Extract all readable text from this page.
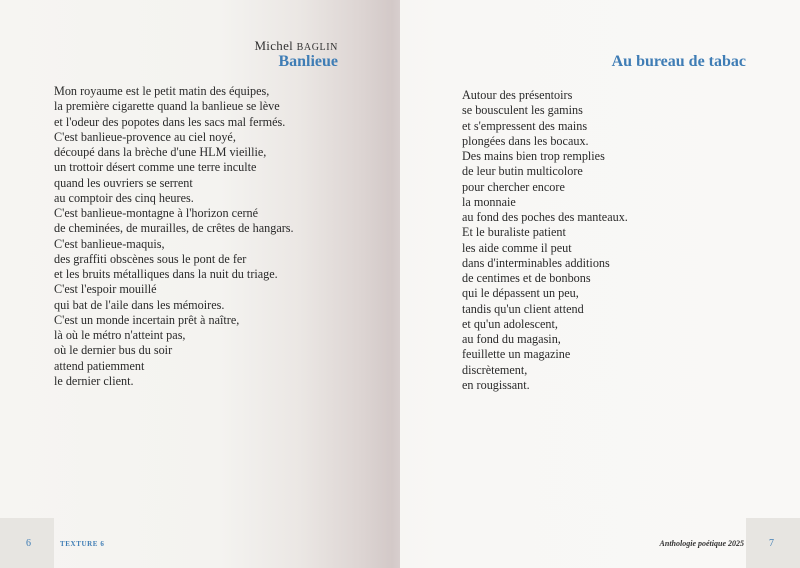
Michel BAGLIN
Banlieue
Mon royaume est le petit matin des équipes,
la première cigarette quand la banlieue se lève
et l'odeur des popotes dans les sacs mal fermés.
C'est banlieue-provence au ciel noyé,
découpé dans la brèche d'une HLM vieillie,
un trottoir désert comme une terre inculte
quand les ouvriers se serrent
au comptoir des cinq heures.
C'est banlieue-montagne à l'horizon cerné
de cheminées, de murailles, de crêtes de hangars.
C'est banlieue-maquis,
des graffiti obscènes sous le pont de fer
et les bruits métalliques dans la nuit du triage.
C'est l'espoir mouillé
qui bat de l'aile dans les mémoires.
C'est un monde incertain prêt à naître,
là où le métro n'atteint pas,
où le dernier bus du soir
attend patiemment
le dernier client.
6	TEXTURE 6
Au bureau de tabac
Autour des présentoirs
se bousculent les gamins
et s'empressent des mains
plongées dans les bocaux.
Des mains bien trop remplies
de leur butin multicolore
pour chercher encore
la monnaie
au fond des poches des manteaux.
Et le buraliste patient
les aide comme il peut
dans d'interminables additions
de centimes et de bonbons
qui le dépassent un peu,
tandis qu'un client attend
et qu'un adolescent,
au fond du magasin,
feuillette un magazine
discrètement,
en rougissant.
7
Anthologie poétique 2025
